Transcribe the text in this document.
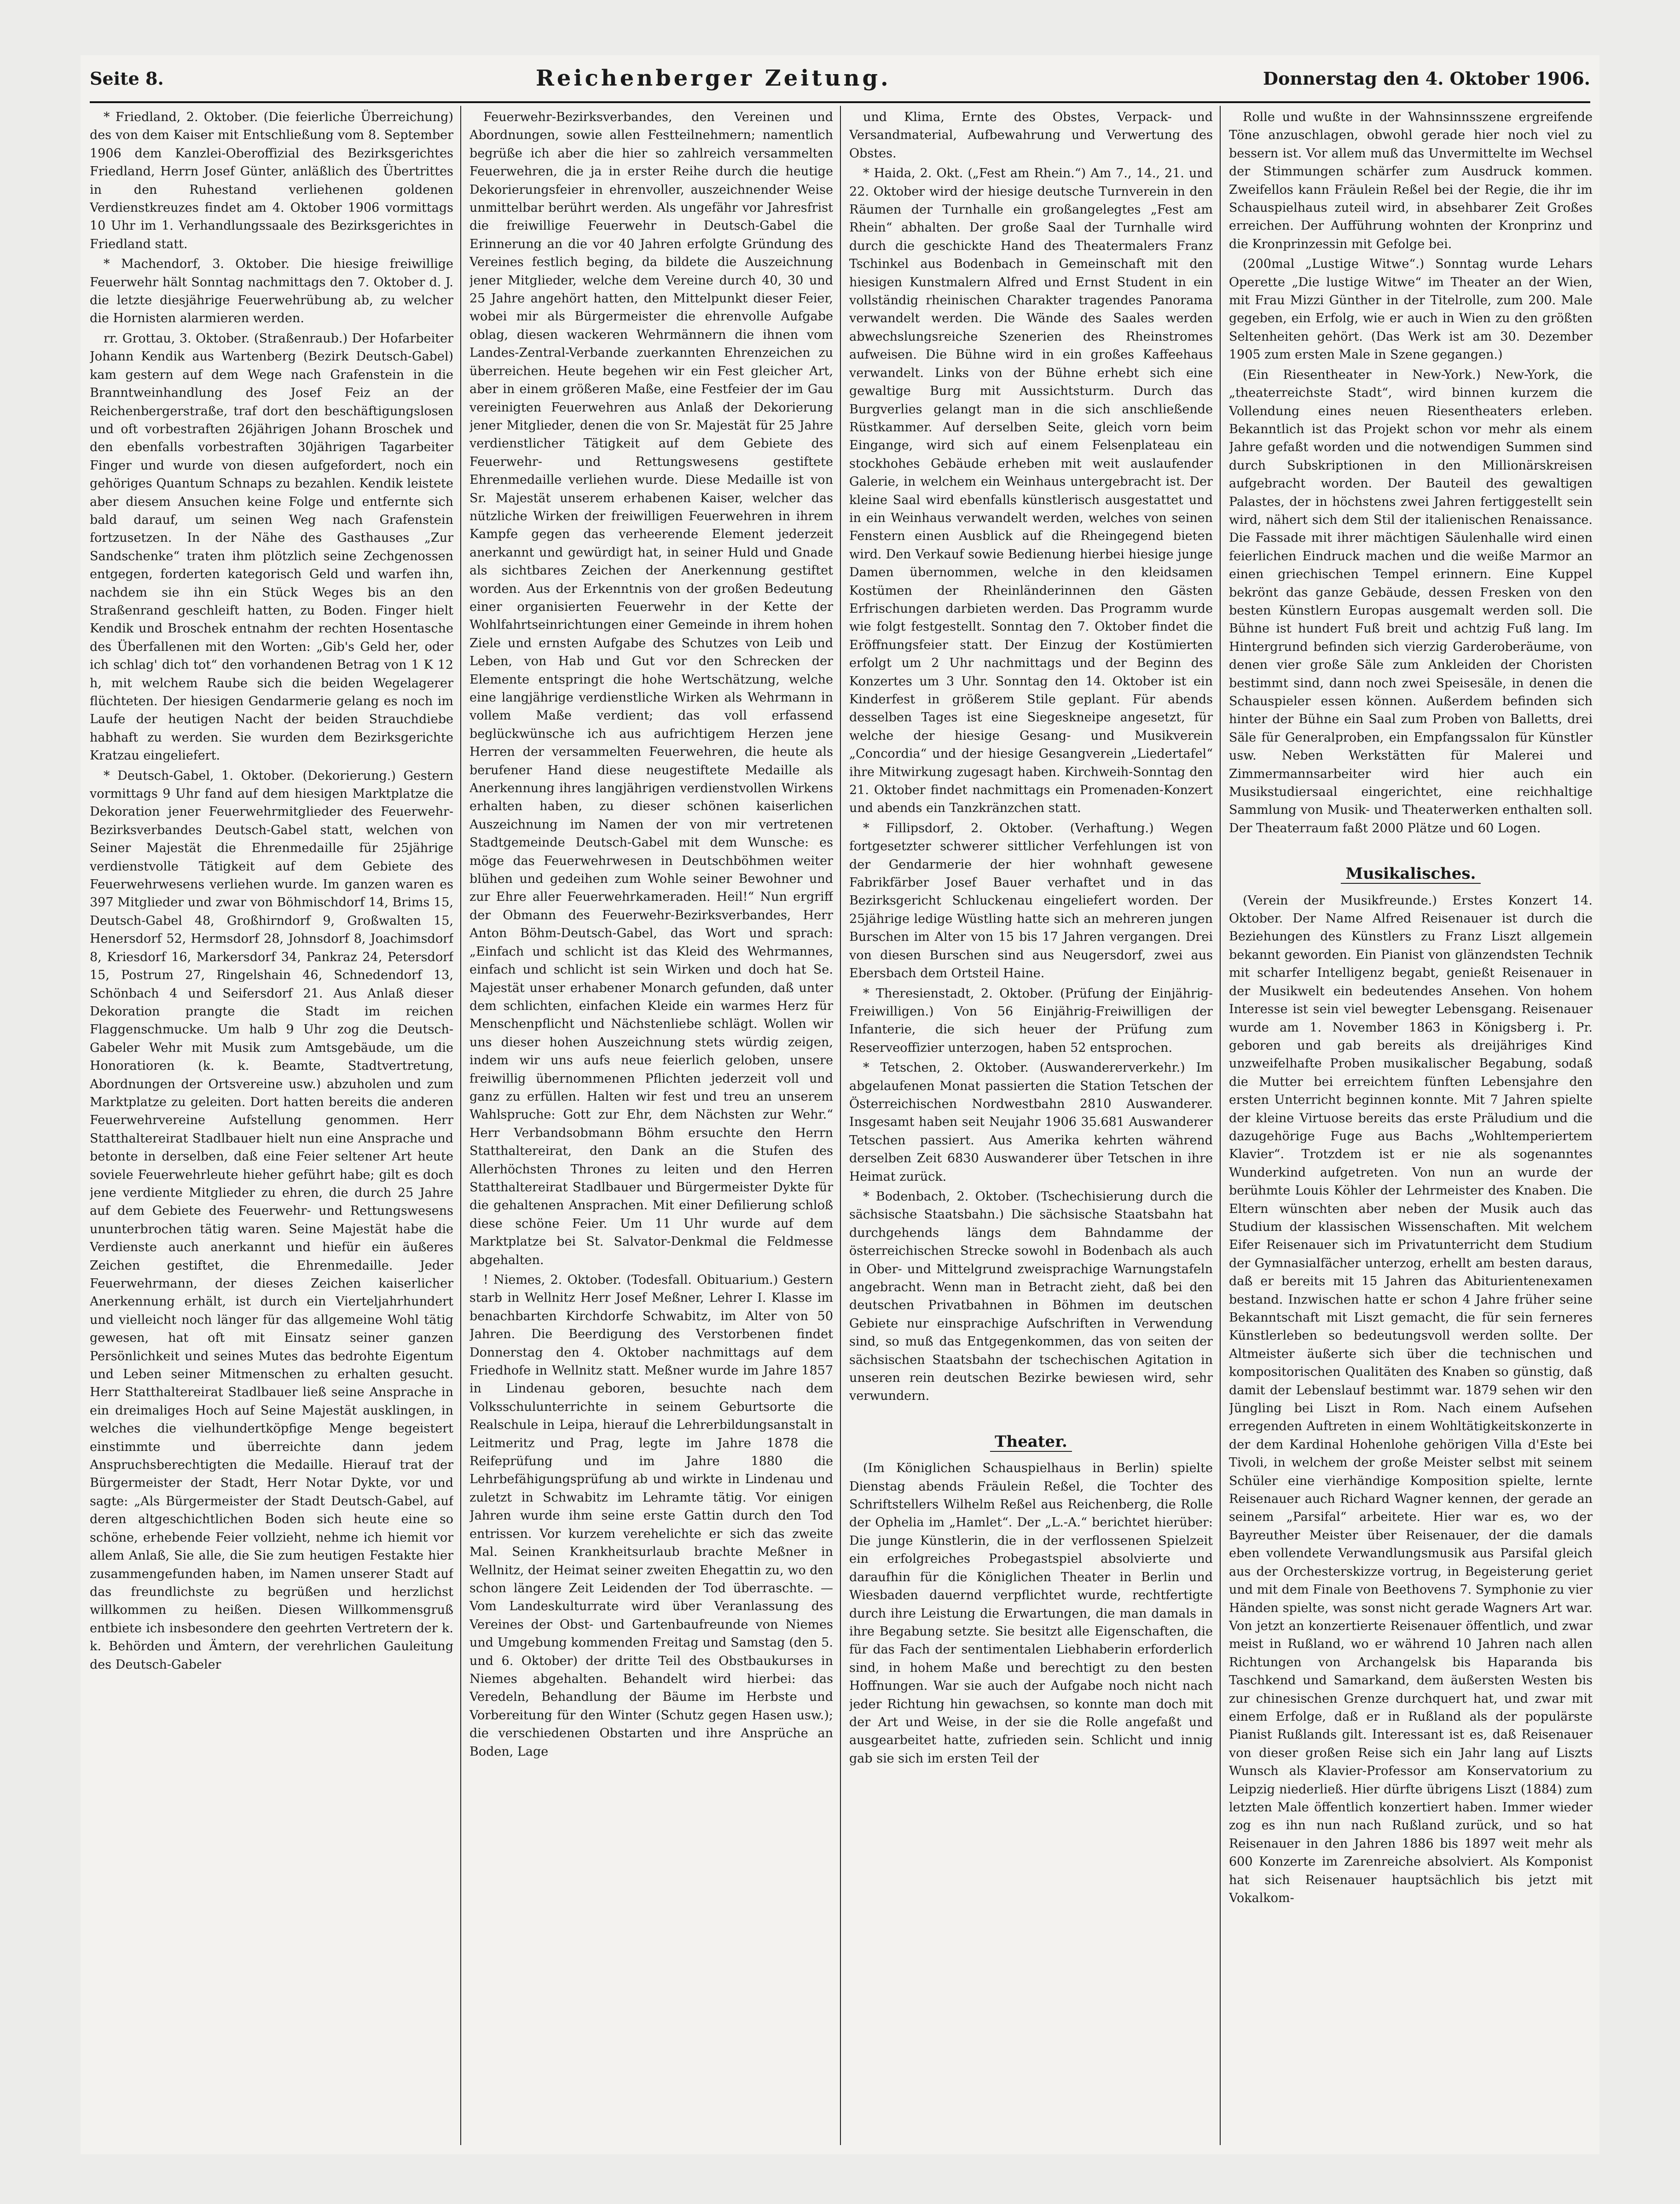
Seite 8.	Reichenberger Zeitung.	Donnerstag den 4. Oktober 1906.

* Friedland, 2. Oktober. (Die feierliche Überreichung) des von dem Kaiser mit Entschließung vom 8. September 1906 dem Kanzlei-Oberoffizial des Bezirksgerichtes Friedland, Herrn Josef Günter, anläßlich des Übertrittes in den Ruhestand verliehenen goldenen Verdienstkreuzes findet am 4. Oktober 1906 vormittags 10 Uhr im 1. Verhandlungssaale des Bezirksgerichtes in Friedland statt.

* Machendorf, 3. Oktober. Die hiesige freiwillige Feuerwehr hält Sonntag nachmittags den 7. Oktober d. J. die letzte diesjährige Feuerwehrübung ab, zu welcher die Hornisten alarmieren werden.

rr. Grottau, 3. Oktober. (Straßenraub.) Der Hofarbeiter Johann Kendik aus Wartenberg (Bezirk Deutsch-Gabel) kam gestern auf dem Wege nach Grafenstein in die Branntweinhandlung des Josef Feiz an der Reichenbergerstraße, traf dort den beschäftigungslosen und oft vorbestraften 26jährigen Johann Broschek und den ebenfalls vorbestraften 30jährigen Tagarbeiter Finger und wurde von diesen aufgefordert, noch ein gehöriges Quantum Schnaps zu bezahlen. Kendik leistete aber diesem Ansuchen keine Folge und entfernte sich bald darauf, um seinen Weg nach Grafenstein fortzusetzen. In der Nähe des Gasthauses „Zur Sandschenke“ traten ihm plötzlich seine Zechgenossen entgegen, forderten kategorisch Geld und warfen ihn, nachdem sie ihn ein Stück Weges bis an den Straßenrand geschleift hatten, zu Boden. Finger hielt Kendik und Broschek entnahm der rechten Hosentasche des Überfallenen mit den Worten: „Gib's Geld her, oder ich schlag' dich tot“ den vorhandenen Betrag von 1 K 12 h, mit welchem Raube sich die beiden Wegelagerer flüchteten. Der hiesigen Gendarmerie gelang es noch im Laufe der heutigen Nacht der beiden Strauchdiebe habhaft zu werden. Sie wurden dem Bezirksgerichte Kratzau eingeliefert.

* Deutsch-Gabel, 1. Oktober. (Dekorierung.) Gestern vormittags 9 Uhr fand auf dem hiesigen Marktplatze die Dekoration jener Feuerwehrmitglieder des Feuerwehr-Bezirksverbandes Deutsch-Gabel statt, welchen von Seiner Majestät die Ehrenmedaille für 25jährige verdienstvolle Tätigkeit auf dem Gebiete des Feuerwehrwesens verliehen wurde. Im ganzen waren es 397 Mitglieder und zwar von Böhmischdorf 14, Brims 15, Deutsch-Gabel 48, Großhirndorf 9, Großwalten 15, Henersdorf 52, Hermsdorf 28, Johnsdorf 8, Joachimsdorf 8, Kriesdorf 16, Markersdorf 34, Pankraz 24, Petersdorf 15, Postrum 27, Ringelshain 46, Schnedendorf 13, Schönbach 4 und Seifersdorf 21. Aus Anlaß dieser Dekoration prangte die Stadt im reichen Flaggenschmucke. Um halb 9 Uhr zog die Deutsch-Gabeler Wehr mit Musik zum Amtsgebäude, um die Honoratioren (k. k. Beamte, Stadtvertretung, Abordnungen der Ortsvereine usw.) abzuholen und zum Marktplatze zu geleiten. Dort hatten bereits die anderen Feuerwehrvereine Aufstellung genommen. Herr Statthaltereirat Stadlbauer hielt nun eine Ansprache und betonte in derselben, daß eine Feier seltener Art heute soviele Feuerwehrleute hieher geführt habe; gilt es doch jene verdiente Mitglieder zu ehren, die durch 25 Jahre auf dem Gebiete des Feuerwehr- und Rettungswesens ununterbrochen tätig waren. Seine Majestät habe die Verdienste auch anerkannt und hiefür ein äußeres Zeichen gestiftet, die Ehrenmedaille. Jeder Feuerwehrmann, der dieses Zeichen kaiserlicher Anerkennung erhält, ist durch ein Vierteljahrhundert und vielleicht noch länger für das allgemeine Wohl tätig gewesen, hat oft mit Einsatz seiner ganzen Persönlichkeit und seines Mutes das bedrohte Eigentum und Leben seiner Mitmenschen zu erhalten gesucht. Herr Statthaltereirat Stadlbauer ließ seine Ansprache in ein dreimaliges Hoch auf Seine Majestät ausklingen, in welches die vielhundertköpfige Menge begeistert einstimmte und überreichte dann jedem Anspruchsberechtigten die Medaille. Hierauf trat der Bürgermeister der Stadt, Herr Notar Dykte, vor und sagte: „Als Bürgermeister der Stadt Deutsch-Gabel, auf deren altgeschichtlichen Boden sich heute eine so schöne, erhebende Feier vollzieht, nehme ich hiemit vor allem Anlaß, Sie alle, die Sie zum heutigen Festakte hier zusammengefunden haben, im Namen unserer Stadt auf das freundlichste zu begrüßen und herzlichst willkommen zu heißen. Diesen Willkommensgruß entbiete ich insbesondere den geehrten Vertretern der k. k. Behörden und Ämtern, der verehrlichen Gauleitung des Deutsch-Gabeler

Feuerwehr-Bezirksverbandes, den Vereinen und Abordnungen, sowie allen Festteilnehmern; namentlich begrüße ich aber die hier so zahlreich versammelten Feuerwehren, die ja in erster Reihe durch die heutige Dekorierungsfeier in ehrenvoller, auszeichnender Weise unmittelbar berührt werden. Als ungefähr vor Jahresfrist die freiwillige Feuerwehr in Deutsch-Gabel die Erinnerung an die vor 40 Jahren erfolgte Gründung des Vereines festlich beging, da bildete die Auszeichnung jener Mitglieder, welche dem Vereine durch 40, 30 und 25 Jahre angehört hatten, den Mittelpunkt dieser Feier, wobei mir als Bürgermeister die ehrenvolle Aufgabe oblag, diesen wackeren Wehrmännern die ihnen vom Landes-Zentral-Verbande zuerkannten Ehrenzeichen zu überreichen. Heute begehen wir ein Fest gleicher Art, aber in einem größeren Maße, eine Festfeier der im Gau vereinigten Feuerwehren aus Anlaß der Dekorierung jener Mitglieder, denen die von Sr. Majestät für 25 Jahre verdienstlicher Tätigkeit auf dem Gebiete des Feuerwehr- und Rettungswesens gestiftete Ehrenmedaille verliehen wurde. Diese Medaille ist von Sr. Majestät unserem erhabenen Kaiser, welcher das nützliche Wirken der freiwilligen Feuerwehren in ihrem Kampfe gegen das verheerende Element jederzeit anerkannt und gewürdigt hat, in seiner Huld und Gnade als sichtbares Zeichen der Anerkennung gestiftet worden. Aus der Erkenntnis von der großen Bedeutung einer organisierten Feuerwehr in der Kette der Wohlfahrtseinrichtungen einer Gemeinde in ihrem hohen Ziele und ernsten Aufgabe des Schutzes von Leib und Leben, von Hab und Gut vor den Schrecken der Elemente entspringt die hohe Wertschätzung, welche eine langjährige verdienstliche Wirken als Wehrmann in vollem Maße verdient; das voll erfassend beglückwünsche ich aus aufrichtigem Herzen jene Herren der versammelten Feuerwehren, die heute als berufener Hand diese neugestiftete Medaille als Anerkennung ihres langjährigen verdienstvollen Wirkens erhalten haben, zu dieser schönen kaiserlichen Auszeichnung im Namen der von mir vertretenen Stadtgemeinde Deutsch-Gabel mit dem Wunsche: es möge das Feuerwehrwesen in Deutschböhmen weiter blühen und gedeihen zum Wohle seiner Bewohner und zur Ehre aller Feuerwehrkameraden. Heil!“ Nun ergriff der Obmann des Feuerwehr-Bezirksverbandes, Herr Anton Böhm-Deutsch-Gabel, das Wort und sprach: „Einfach und schlicht ist das Kleid des Wehrmannes, einfach und schlicht ist sein Wirken und doch hat Se. Majestät unser erhabener Monarch gefunden, daß unter dem schlichten, einfachen Kleide ein warmes Herz für Menschenpflicht und Nächstenliebe schlägt. Wollen wir uns dieser hohen Auszeichnung stets würdig zeigen, indem wir uns aufs neue feierlich geloben, unsere freiwillig übernommenen Pflichten jederzeit voll und ganz zu erfüllen. Halten wir fest und treu an unserem Wahlspruche: Gott zur Ehr, dem Nächsten zur Wehr.“ Herr Verbandsobmann Böhm ersuchte den Herrn Statthaltereirat, den Dank an die Stufen des Allerhöchsten Thrones zu leiten und den Herren Statthaltereirat Stadlbauer und Bürgermeister Dykte für die gehaltenen Ansprachen. Mit einer Defilierung schloß diese schöne Feier. Um 11 Uhr wurde auf dem Marktplatze bei St. Salvator-Denkmal die Feldmesse abgehalten.

! Niemes, 2. Oktober. (Todesfall. Obituarium.) Gestern starb in Wellnitz Herr Josef Meßner, Lehrer I. Klasse im benachbarten Kirchdorfe Schwabitz, im Alter von 50 Jahren. Die Beerdigung des Verstorbenen findet Donnerstag den 4. Oktober nachmittags auf dem Friedhofe in Wellnitz statt. Meßner wurde im Jahre 1857 in Lindenau geboren, besuchte nach dem Volksschulunterrichte in seinem Geburtsorte die Realschule in Leipa, hierauf die Lehrerbildungsanstalt in Leitmeritz und Prag, legte im Jahre 1878 die Reifeprüfung und im Jahre 1880 die Lehrbefähigungsprüfung ab und wirkte in Lindenau und zuletzt in Schwabitz im Lehramte tätig. Vor einigen Jahren wurde ihm seine erste Gattin durch den Tod entrissen. Vor kurzem verehelichte er sich das zweite Mal. Seinen Krankheitsurlaub brachte Meßner in Wellnitz, der Heimat seiner zweiten Ehegattin zu, wo den schon längere Zeit Leidenden der Tod überraschte. — Vom Landeskulturrate wird über Veranlassung des Vereines der Obst- und Gartenbaufreunde von Niemes und Umgebung kommenden Freitag und Samstag (den 5. und 6. Oktober) der dritte Teil des Obstbaukurses in Niemes abgehalten. Behandelt wird hierbei: das Veredeln, Behandlung der Bäume im Herbste und Vorbereitung für den Winter (Schutz gegen Hasen usw.); die verschiedenen Obstarten und ihre Ansprüche an Boden, Lage

und Klima, Ernte des Obstes, Verpack- und Versandmaterial, Aufbewahrung und Verwertung des Obstes.

* Haida, 2. Okt. („Fest am Rhein.“) Am 7., 14., 21. und 22. Oktober wird der hiesige deutsche Turnverein in den Räumen der Turnhalle ein großangelegtes „Fest am Rhein“ abhalten. Der große Saal der Turnhalle wird durch die geschickte Hand des Theatermalers Franz Tschinkel aus Bodenbach in Gemeinschaft mit den hiesigen Kunstmalern Alfred und Ernst Student in ein vollständig rheinischen Charakter tragendes Panorama verwandelt werden. Die Wände des Saales werden abwechslungsreiche Szenerien des Rheinstromes aufweisen. Die Bühne wird in ein großes Kaffeehaus verwandelt. Links von der Bühne erhebt sich eine gewaltige Burg mit Aussichtsturm. Durch das Burgverlies gelangt man in die sich anschließende Rüstkammer. Auf derselben Seite, gleich vorn beim Eingange, wird sich auf einem Felsenplateau ein stockhohes Gebäude erheben mit weit auslaufender Galerie, in welchem ein Weinhaus untergebracht ist. Der kleine Saal wird ebenfalls künstlerisch ausgestattet und in ein Weinhaus verwandelt werden, welches von seinen Fenstern einen Ausblick auf die Rheingegend bieten wird. Den Verkauf sowie Bedienung hierbei hiesige junge Damen übernommen, welche in den kleidsamen Kostümen der Rheinländerinnen den Gästen Erfrischungen darbieten werden. Das Programm wurde wie folgt festgestellt. Sonntag den 7. Oktober findet die Eröffnungsfeier statt. Der Einzug der Kostümierten erfolgt um 2 Uhr nachmittags und der Beginn des Konzertes um 3 Uhr. Sonntag den 14. Oktober ist ein Kinderfest in größerem Stile geplant. Für abends desselben Tages ist eine Siegeskneipe angesetzt, für welche der hiesige Gesang- und Musikverein „Concordia“ und der hiesige Gesangverein „Liedertafel“ ihre Mitwirkung zugesagt haben. Kirchweih-Sonntag den 21. Oktober findet nachmittags ein Promenaden-Konzert und abends ein Tanzkränzchen statt.

* Fillipsdorf, 2. Oktober. (Verhaftung.) Wegen fortgesetzter schwerer sittlicher Verfehlungen ist von der Gendarmerie der hier wohnhaft gewesene Fabrikfärber Josef Bauer verhaftet und in das Bezirksgericht Schluckenau eingeliefert worden. Der 25jährige ledige Wüstling hatte sich an mehreren jungen Burschen im Alter von 15 bis 17 Jahren vergangen. Drei von diesen Burschen sind aus Neugersdorf, zwei aus Ebersbach dem Ortsteil Haine.

* Theresienstadt, 2. Oktober. (Prüfung der Einjährig-Freiwilligen.) Von 56 Einjährig-Freiwilligen der Infanterie, die sich heuer der Prüfung zum Reserveoffizier unterzogen, haben 52 entsprochen.

* Tetschen, 2. Oktober. (Auswandererverkehr.) Im abgelaufenen Monat passierten die Station Tetschen der Österreichischen Nordwestbahn 2810 Auswanderer. Insgesamt haben seit Neujahr 1906 35.681 Auswanderer Tetschen passiert. Aus Amerika kehrten während derselben Zeit 6830 Auswanderer über Tetschen in ihre Heimat zurück.

* Bodenbach, 2. Oktober. (Tschechisierung durch die sächsische Staatsbahn.) Die sächsische Staatsbahn hat durchgehends längs dem Bahndamme der österreichischen Strecke sowohl in Bodenbach als auch in Ober- und Mittelgrund zweisprachige Warnungstafeln angebracht. Wenn man in Betracht zieht, daß bei den deutschen Privatbahnen in Böhmen im deutschen Gebiete nur einsprachige Aufschriften in Verwendung sind, so muß das Entgegenkommen, das von seiten der sächsischen Staatsbahn der tschechischen Agitation in unseren rein deutschen Bezirke bewiesen wird, sehr verwundern.

Theater.

(Im Königlichen Schauspielhaus in Berlin) spielte Dienstag abends Fräulein Reßel, die Tochter des Schriftstellers Wilhelm Reßel aus Reichenberg, die Rolle der Ophelia im „Hamlet“. Der „L.-A.“ berichtet hierüber: Die junge Künstlerin, die in der verflossenen Spielzeit ein erfolgreiches Probegastspiel absolvierte und daraufhin für die Königlichen Theater in Berlin und Wiesbaden dauernd verpflichtet wurde, rechtfertigte durch ihre Leistung die Erwartungen, die man damals in ihre Begabung setzte. Sie besitzt alle Eigenschaften, die für das Fach der sentimentalen Liebhaberin erforderlich sind, in hohem Maße und berechtigt zu den besten Hoffnungen. War sie auch der Aufgabe noch nicht nach jeder Richtung hin gewachsen, so konnte man doch mit der Art und Weise, in der sie die Rolle angefaßt und ausgearbeitet hatte, zufrieden sein. Schlicht und innig gab sie sich im ersten Teil der

Rolle und wußte in der Wahnsinnsszene ergreifende Töne anzuschlagen, obwohl gerade hier noch viel zu bessern ist. Vor allem muß das Unvermittelte im Wechsel der Stimmungen schärfer zum Ausdruck kommen. Zweifellos kann Fräulein Reßel bei der Regie, die ihr im Schauspielhaus zuteil wird, in absehbarer Zeit Großes erreichen. Der Aufführung wohnten der Kronprinz und die Kronprinzessin mit Gefolge bei.

(200mal „Lustige Witwe“.) Sonntag wurde Lehars Operette „Die lustige Witwe“ im Theater an der Wien, mit Frau Mizzi Günther in der Titelrolle, zum 200. Male gegeben, ein Erfolg, wie er auch in Wien zu den größten Seltenheiten gehört. (Das Werk ist am 30. Dezember 1905 zum ersten Male in Szene gegangen.)

(Ein Riesentheater in New-York.) New-York, die „theaterreichste Stadt“, wird binnen kurzem die Vollendung eines neuen Riesentheaters erleben. Bekanntlich ist das Projekt schon vor mehr als einem Jahre gefaßt worden und die notwendigen Summen sind durch Subskriptionen in den Millionärskreisen aufgebracht worden. Der Bauteil des gewaltigen Palastes, der in höchstens zwei Jahren fertiggestellt sein wird, nähert sich dem Stil der italienischen Renaissance. Die Fassade mit ihrer mächtigen Säulenhalle wird einen feierlichen Eindruck machen und die weiße Marmor an einen griechischen Tempel erinnern. Eine Kuppel bekrönt das ganze Gebäude, dessen Fresken von den besten Künstlern Europas ausgemalt werden soll. Die Bühne ist hundert Fuß breit und achtzig Fuß lang. Im Hintergrund befinden sich vierzig Garderoberäume, von denen vier große Säle zum Ankleiden der Choristen bestimmt sind, dann noch zwei Speisesäle, in denen die Schauspieler essen können. Außerdem befinden sich hinter der Bühne ein Saal zum Proben von Balletts, drei Säle für Generalproben, ein Empfangssalon für Künstler usw. Neben Werkstätten für Malerei und Zimmermannsarbeiter wird hier auch ein Musikstudiersaal eingerichtet, eine reichhaltige Sammlung von Musik- und Theaterwerken enthalten soll. Der Theaterraum faßt 2000 Plätze und 60 Logen.

Musikalisches.

(Verein der Musikfreunde.) Erstes Konzert 14. Oktober. Der Name Alfred Reisenauer ist durch die Beziehungen des Künstlers zu Franz Liszt allgemein bekannt geworden. Ein Pianist von glänzendsten Technik mit scharfer Intelligenz begabt, genießt Reisenauer in der Musikwelt ein bedeutendes Ansehen. Von hohem Interesse ist sein viel bewegter Lebensgang. Reisenauer wurde am 1. November 1863 in Königsberg i. Pr. geboren und gab bereits als dreijähriges Kind unzweifelhafte Proben musikalischer Begabung, sodaß die Mutter bei erreichtem fünften Lebensjahre den ersten Unterricht beginnen konnte. Mit 7 Jahren spielte der kleine Virtuose bereits das erste Präludium und die dazugehörige Fuge aus Bachs „Wohltemperiertem Klavier“. Trotzdem ist er nie als sogenanntes Wunderkind aufgetreten. Von nun an wurde der berühmte Louis Köhler der Lehrmeister des Knaben. Die Eltern wünschten aber neben der Musik auch das Studium der klassischen Wissenschaften. Mit welchem Eifer Reisenauer sich im Privatunterricht dem Studium der Gymnasialfächer unterzog, erhellt am besten daraus, daß er bereits mit 15 Jahren das Abiturientenexamen bestand. Inzwischen hatte er schon 4 Jahre früher seine Bekanntschaft mit Liszt gemacht, die für sein ferneres Künstlerleben so bedeutungsvoll werden sollte. Der Altmeister äußerte sich über die technischen und kompositorischen Qualitäten des Knaben so günstig, daß damit der Lebenslauf bestimmt war. 1879 sehen wir den Jüngling bei Liszt in Rom. Nach einem Aufsehen erregenden Auftreten in einem Wohltätigkeitskonzerte in der dem Kardinal Hohenlohe gehörigen Villa d'Este bei Tivoli, in welchem der große Meister selbst mit seinem Schüler eine vierhändige Komposition spielte, lernte Reisenauer auch Richard Wagner kennen, der gerade an seinem „Parsifal“ arbeitete. Hier war es, wo der Bayreuther Meister über Reisenauer, der die damals eben vollendete Verwandlungsmusik aus Parsifal gleich aus der Orchesterskizze vortrug, in Begeisterung geriet und mit dem Finale von Beethovens 7. Symphonie zu vier Händen spielte, was sonst nicht gerade Wagners Art war. Von jetzt an konzertierte Reisenauer öffentlich, und zwar meist in Rußland, wo er während 10 Jahren nach allen Richtungen von Archangelsk bis Haparanda bis Taschkend und Samarkand, dem äußersten Westen bis zur chinesischen Grenze durchquert hat, und zwar mit einem Erfolge, daß er in Rußland als der populärste Pianist Rußlands gilt. Interessant ist es, daß Reisenauer von dieser großen Reise sich ein Jahr lang auf Liszts Wunsch als Klavier-Professor am Konservatorium zu Leipzig niederließ. Hier dürfte übrigens Liszt (1884) zum letzten Male öffentlich konzertiert haben. Immer wieder zog es ihn nun nach Rußland zurück, und so hat Reisenauer in den Jahren 1886 bis 1897 weit mehr als 600 Konzerte im Zarenreiche absolviert. Als Komponist hat sich Reisenauer hauptsächlich bis jetzt mit Vokalkom-
